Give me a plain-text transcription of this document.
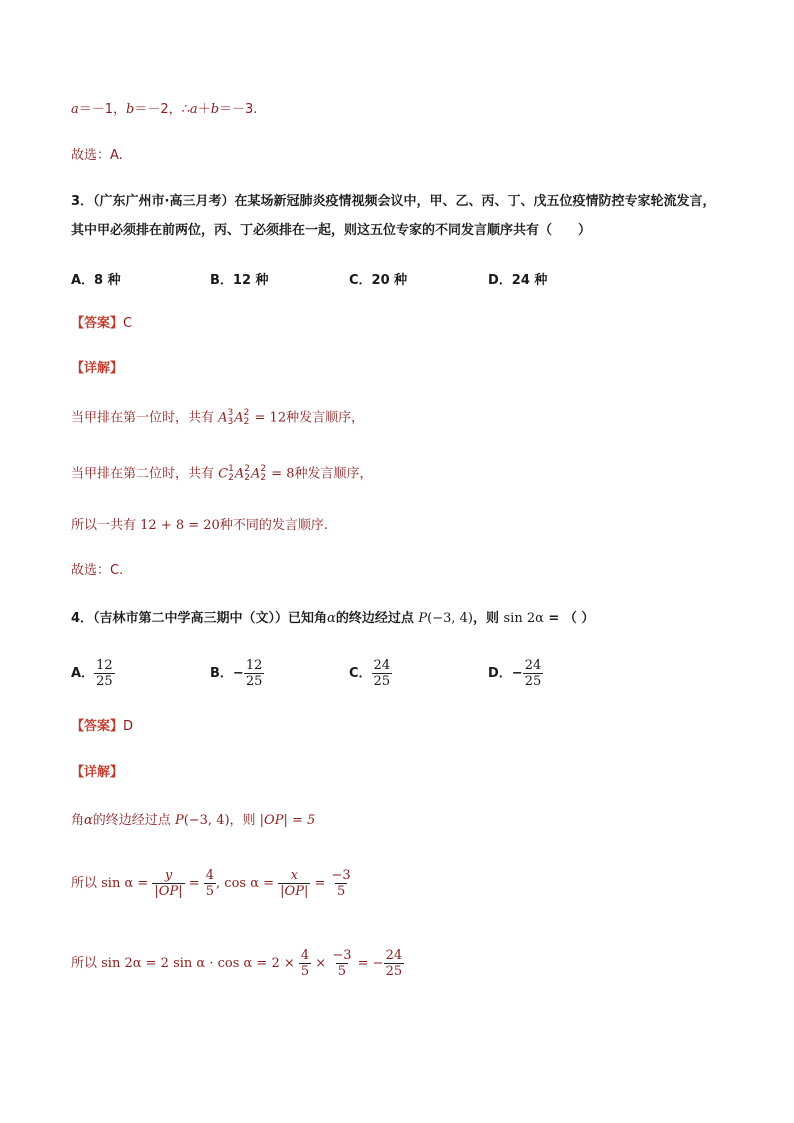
a＝－1，b＝－2，∴a＋b＝－3.
故选：A.
3．（广东广州市·高三月考）在某场新冠肺炎疫情视频会议中，甲、乙、丙、丁、戊五位疫情防控专家轮流发言，
其中甲必须排在前两位，丙、丁必须排在一起，则这五位专家的不同发言顺序共有（　　）
A．8 种	B．12 种	C．20 种	D．24 种
【答案】C
【详解】
当甲排在第一位时，共有 A 3
3 A 2
2 = 12种发言顺序，
当甲排在第二位时，共有 C 1
2 A 2
2 A 2
2 = 8种发言顺序，
所以一共有 12 + 8 = 20种不同的发言顺序.
故选：C.
4．（吉林市第二中学高三期中（文））已知角α的终边经过点 P(−3, 4)，则 sin 2α = （ ）
A． $\frac{12}{25}$	B．− $\frac{12}{25}$	C． $\frac{24}{25}$	D．− $\frac{24}{25}$
【答案】D
【详解】
角α的终边经过点 P(−3, 4)，则 |OP| = 5
所以 $\sin \alpha = \frac{y}{|OP|} = \frac{4}{5}$ , $\cos \alpha = \frac{x}{|OP|} = \frac{-3}{5}$
所以 sin 2α = 2 $\sin \alpha \cdot \cos \alpha = 2 \times \frac{4}{5} \times \frac{-3}{5}$ = − $\frac{24}{25}$
